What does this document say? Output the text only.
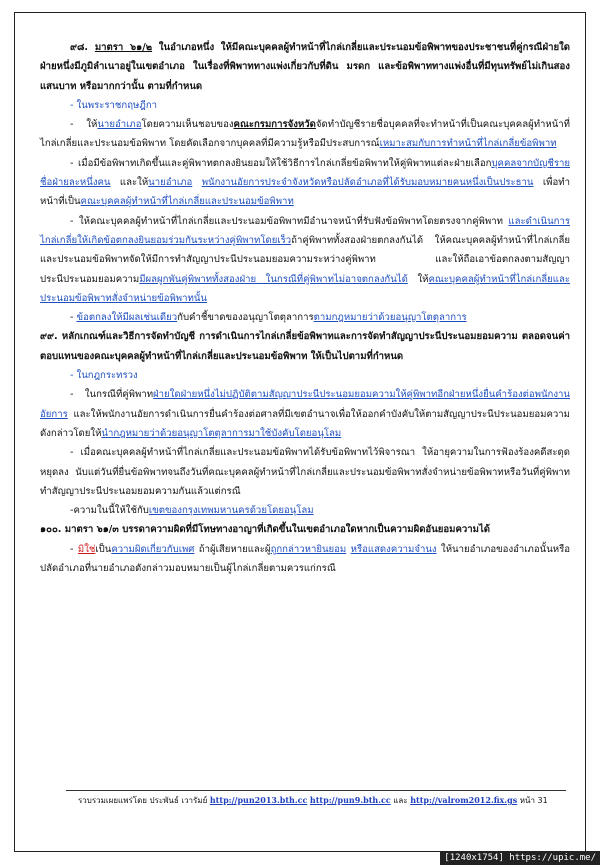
๙๘. มาตรา ๖๑/๒ ในอำเภอหนึ่ง ให้มีคณะบุคคลผู้ทำหน้าที่ไกล่เกลี่ยและประนอมข้อพิพาทของประชาชนที่คู่กรณีฝ่ายใดฝ่ายหนึ่งมีภูมิลำเนาอยู่ในเขตอำเภอ ในเรื่องที่พิพาททางแพ่งเกี่ยวกับที่ดิน มรดก และข้อพิพาททางแพ่งอื่นที่มีทุนทรัพย์ไม่เกินสองแสนบาท หรือมากกว่านั้น ตามที่กำหนด

- ในพระราชกฤษฎีกา

- ให้นายอำเภอโดยความเห็นชอบของคณะกรมการจังหวัดจัดทำบัญชีรายชื่อบุคคลที่จะทำหน้าที่เป็นคณะบุคคลผู้ทำหน้าที่ไกล่เกลี่ยและประนอมข้อพิพาท โดยคัดเลือกจากบุคคลที่มีความรู้หรือมีประสบการณ์เหมาะสมกับการทำหน้าที่ไกล่เกลี่ยข้อพิพาท

- เมื่อมีข้อพิพาทเกิดขึ้นและคู่พิพาทตกลงยินยอมให้ใช้วิธีการไกล่เกลี่ยข้อพิพาทให้คู่พิพาทแต่ละฝ่ายเลือกบุคคลจากบัญชีรายชื่อฝ่ายละหนึ่งคน และให้นายอำเภอ พนักงานอัยการประจำจังหวัดหรือปลัดอำเภอที่ได้รับมอบหมายคนหนึ่งเป็นประธาน เพื่อทำหน้าที่เป็นคณะบุคคลผู้ทำหน้าที่ไกล่เกลี่ยและประนอมข้อพิพาท

- ให้คณะบุคคลผู้ทำหน้าที่ไกล่เกลี่ยและประนอมข้อพิพาทมีอำนาจหน้าที่รับฟังข้อพิพาทโดยตรงจากคู่พิพาท และดำเนินการไกล่เกลี่ยให้เกิดข้อตกลงยินยอมร่วมกันระหว่างคู่พิพาทโดยเร็วถ้าคู่พิพาททั้งสองฝ่ายตกลงกันได้ ให้คณะบุคคลผู้ทำหน้าที่ไกล่เกลี่ยและประนอมข้อพิพาทจัดให้มีการทำสัญญาประนีประนอมยอมความระหว่างคู่พิพาท และให้ถือเอาข้อตกลงตามสัญญาประนีประนอมยอมความมีผลผูกพันคู่พิพาททั้งสองฝ่าย ในกรณีที่คู่พิพาทไม่อาจตกลงกันได้ ให้คณะบุคคลผู้ทำหน้าที่ไกล่เกลี่ยและประนอมข้อพิพาทสั่งจำหน่ายข้อพิพาทนั้น

- ข้อตกลงให้มีผลเช่นเดียวกับคำชี้ขาดของอนุญาโตตุลาการตามกฎหมายว่าด้วยอนุญาโตตุลาการ

๙๙. หลักเกณฑ์และวิธีการจัดทำบัญชี การดำเนินการไกล่เกลี่ยข้อพิพาทและการจัดทำสัญญาประนีประนอมยอมความ ตลอดจนค่าตอบแทนของคณะบุคคลผู้ทำหน้าที่ไกล่เกลี่ยและประนอมข้อพิพาท ให้เป็นไปตามที่กำหนด

- ในกฎกระทรวง

- ในกรณีที่คู่พิพาทฝ่ายใดฝ่ายหนึ่งไม่ปฏิบัติตามสัญญาประนีประนอมยอมความให้คู่พิพาทอีกฝ่ายหนึ่งยื่นคำร้องต่อพนักงานอัยการ และให้พนักงานอัยการดำเนินการยื่นคำร้องต่อศาลที่มีเขตอำนาจเพื่อให้ออกคำบังคับให้ตามสัญญาประนีประนอมยอมความดังกล่าวโดยให้นำกฎหมายว่าด้วยอนุญาโตตุลาการมาใช้บังคับโดยอนุโลม

- เมื่อคณะบุคคลผู้ทำหน้าที่ไกล่เกลี่ยและประนอมข้อพิพาทได้รับข้อพิพาทไว้พิจารณา ให้อายุความในการฟ้องร้องคดีสะดุดหยุดลง นับแต่วันที่ยื่นข้อพิพาทจนถึงวันที่คณะบุคคลผู้ทำหน้าที่ไกล่เกลี่ยและประนอมข้อพิพาทสั่งจำหน่ายข้อพิพาทหรือวันที่คู่พิพาททำสัญญาประนีประนอมยอมความกันแล้วแต่กรณี

-ความในนี้ให้ใช้กับเขตของกรุงเทพมหานครด้วยโดยอนุโลม

๑๐๐. มาตรา ๖๑/๓ บรรดาความผิดที่มีโทษทางอาญาที่เกิดขึ้นในเขตอำเภอใดหากเป็นความผิดอันยอมความได้

- มิใช่เป็นความผิดเกี่ยวกับเพศ ถ้าผู้เสียหายและผู้ถูกกล่าวหายินยอม หรือแสดงความจำนง ให้นายอำเภอของอำเภอนั้นหรือปลัดอำเภอที่นายอำเภอดังกล่าวมอบหมายเป็นผู้ไกล่เกลี่ยตามควรแก่กรณี

รวบรวมเผยแพร่โดย ประพันธ์ เวารัมย์ http://pun2013.bth.cc http://pun9.bth.cc และ http://valrom2012.fix.gs หน้า 31
[1240x1754] https://upic.me/
